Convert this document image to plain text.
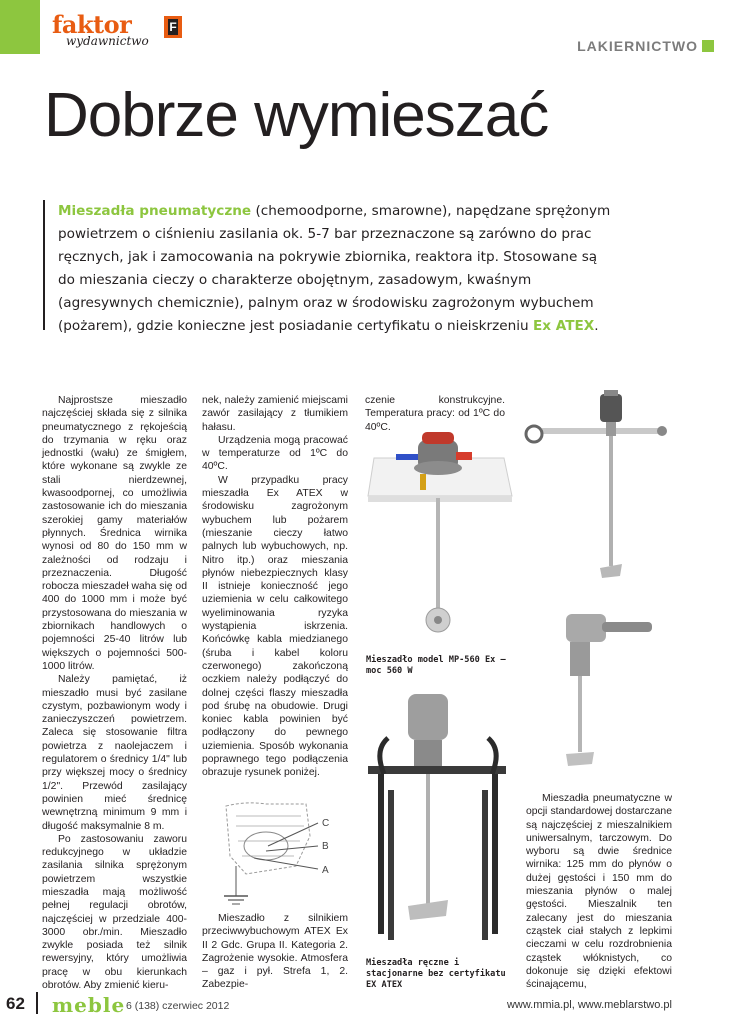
faktor
wydawnictwo
F
LAKIERNICTWO
Dobrze wymieszać
Mieszadła pneumatyczne (chemoodporne, smarowne), napędzane sprężonym powietrzem o ciśnieniu zasilania ok. 5-7 bar przeznaczone są zarówno do prac ręcznych, jak i zamocowania na pokrywie zbiornika, reaktora itp. Stosowane są do mieszania cieczy o charakterze obojętnym, zasadowym, kwaśnym (agresywnych chemicznie), palnym oraz w środowisku zagrożonym wybuchem (pożarem), gdzie konieczne jest posiadanie certyfikatu o nieiskrzeniu Ex ATEX.

Najprostsze mieszadło najczęściej składa się z silnika pneumatycznego z rękojeścią do trzymania w ręku oraz jednostki (wału) ze śmigłem, które wykonane są zwykle ze stali nierdzewnej, kwasoodpornej, co umożliwia zastosowanie ich do mieszania szerokiej gamy materiałów płynnych. Średnica wirnika wynosi od 80 do 150 mm w zależności od rodzaju i przeznaczenia. Długość robocza mieszadeł waha się od 400 do 1000 mm i może być przystosowana do mieszania w zbiornikach handlowych o pojemności 25-40 litrów lub większych o pojemności 500-1000 litrów.

Należy pamiętać, iż mieszadło musi być zasilane czystym, pozbawionym wody i zanieczyszczeń powietrzem. Zaleca się stosowanie filtra powietrza z naolejaczem i regulatorem o średnicy 1/4" lub przy większej mocy o średnicy 1/2". Przewód zasilający powinien mieć średnicę wewnętrzną minimum 9 mm i długość maksymalnie 8 m.

Po zastosowaniu zaworu redukcyjnego w układzie zasilania silnika sprężonym powietrzem wszystkie mieszadła mają możliwość pełnej regulacji obrotów, najczęściej w przedziale 400-3000 obr./min. Mieszadło zwykle posiada też silnik rewersyjny, który umożliwia pracę w obu kierunkach obrotów. Aby zmienić kieru-

nek, należy zamienić miejscami zawór zasilający z tłumikiem hałasu.

Urządzenia mogą pracować w temperaturze od 1ºC do 40ºC.

W przypadku pracy mieszadła Ex ATEX w środowisku zagrożonym wybuchem lub pożarem (mieszanie cieczy łatwo palnych lub wybuchowych, np. Nitro itp.) oraz mieszania płynów niebezpiecznych klasy II istnieje konieczność jego uziemienia w celu całkowitego wyeliminowania ryzyka wystąpienia iskrzenia. Końcówkę kabla miedzianego (śruba i kabel koloru czerwonego) zakończoną oczkiem należy podłączyć do dolnej części flaszy mieszadła pod śrubę na obudowie. Drugi koniec kabla powinien być podłączony do pewnego uziemienia. Sposób wykonania poprawnego tego podłączenia obrazuje rysunek poniżej.

C
B
A

Mieszadło z silnikiem przeciwwybuchowym ATEX Ex II 2 Gdc. Grupa II. Kategoria 2. Zagrożenie wysokie. Atmosfera – gaz i pył. Strefa 1, 2. Zabezpie-

czenie konstrukcyjne. Temperatura pracy: od 1ºC do 40ºC.

Mieszadło model MP-560 Ex – moc 560 W
Mieszadła ręczne i stacjonarne bez certyfikatu EX ATEX

Mieszadła pneumatyczne w opcji standardowej dostarczane są najczęściej z mieszalnikiem uniwersalnym, tarczowym. Do wyboru są dwie średnice wirnika: 125 mm do płynów o dużej gęstości i 150 mm do mieszania płynów o malej gęstości. Mieszalnik ten zalecany jest do mieszania cząstek ciał stałych z lepkimi cieczami w celu rozdrobnienia cząstek włóknistych, co dokonuje się dzięki efektowi ścinającemu,

62 meble 6 (138) czerwiec 2012	www.mmia.pl, www.meblarstwo.pl
